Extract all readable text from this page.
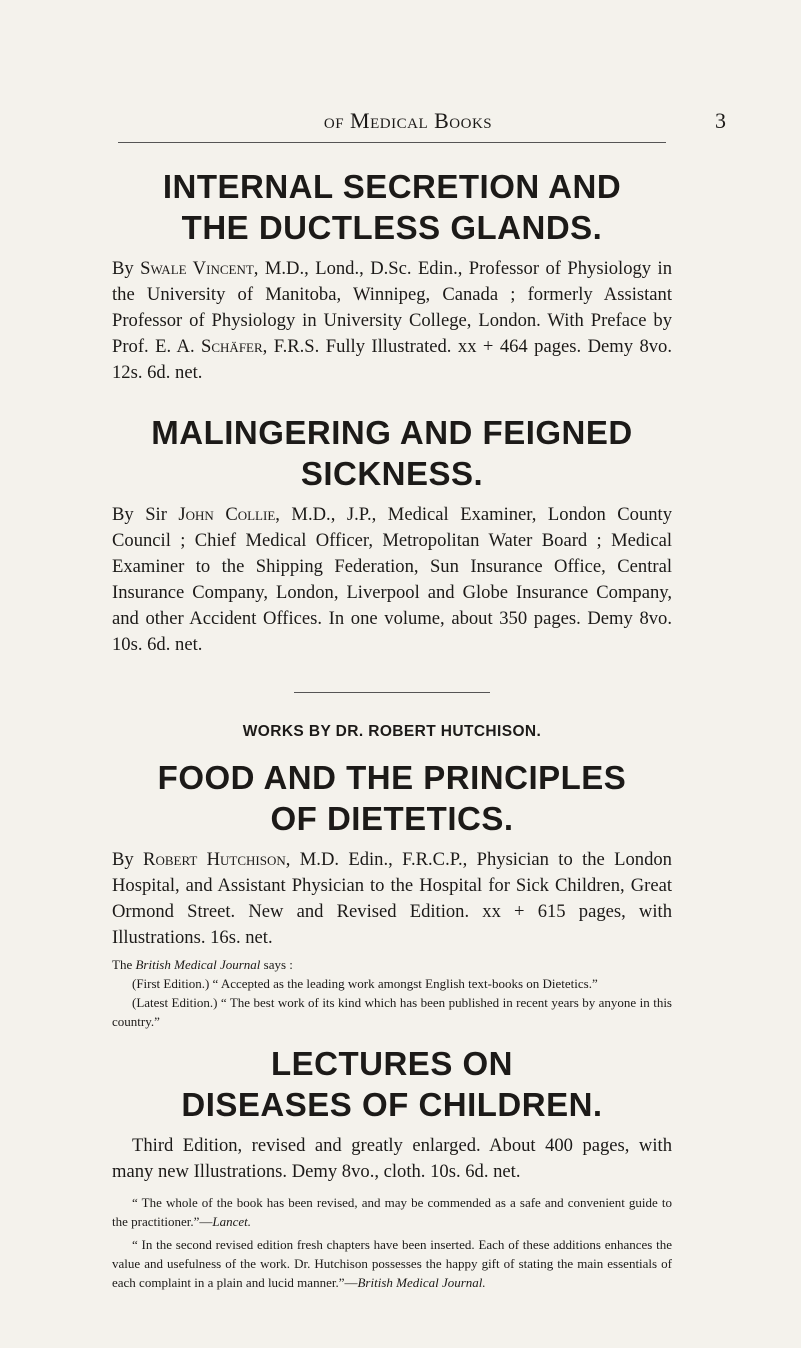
of Medical Books	3
INTERNAL SECRETION AND
THE DUCTLESS GLANDS.

By Swale Vincent, M.D., Lond., D.Sc. Edin., Professor of Physiology in the University of Manitoba, Winnipeg, Canada ; formerly Assistant Professor of Physiology in University College, London. With Preface by Prof. E. A. Schäfer, F.R.S. Fully Illustrated. xx + 464 pages. Demy 8vo. 12s. 6d. net.

MALINGERING AND FEIGNED
SICKNESS.

By Sir John Collie, M.D., J.P., Medical Examiner, London County Council ; Chief Medical Officer, Metropolitan Water Board ; Medical Examiner to the Shipping Federation, Sun Insurance Office, Central Insurance Company, London, Liverpool and Globe Insurance Company, and other Accident Offices. In one volume, about 350 pages. Demy 8vo. 10s. 6d. net.

WORKS BY DR. ROBERT HUTCHISON.

FOOD AND THE PRINCIPLES
OF DIETETICS.

By Robert Hutchison, M.D. Edin., F.R.C.P., Physician to the London Hospital, and Assistant Physician to the Hospital for Sick Children, Great Ormond Street. New and Revised Edition. xx + 615 pages, with Illustrations. 16s. net.

The British Medical Journal says :

(First Edition.) “ Accepted as the leading work amongst English text-books on Dietetics.”

(Latest Edition.) “ The best work of its kind which has been published in recent years by anyone in this country.”

LECTURES ON
DISEASES OF CHILDREN.

Third Edition, revised and greatly enlarged. About 400 pages, with many new Illustrations. Demy 8vo., cloth. 10s. 6d. net.

“ The whole of the book has been revised, and may be commended as a safe and convenient guide to the practitioner.”—Lancet.

“ In the second revised edition fresh chapters have been inserted. Each of these additions enhances the value and usefulness of the work. Dr. Hutchison possesses the happy gift of stating the main essentials of each complaint in a plain and lucid manner.”—British Medical Journal.
